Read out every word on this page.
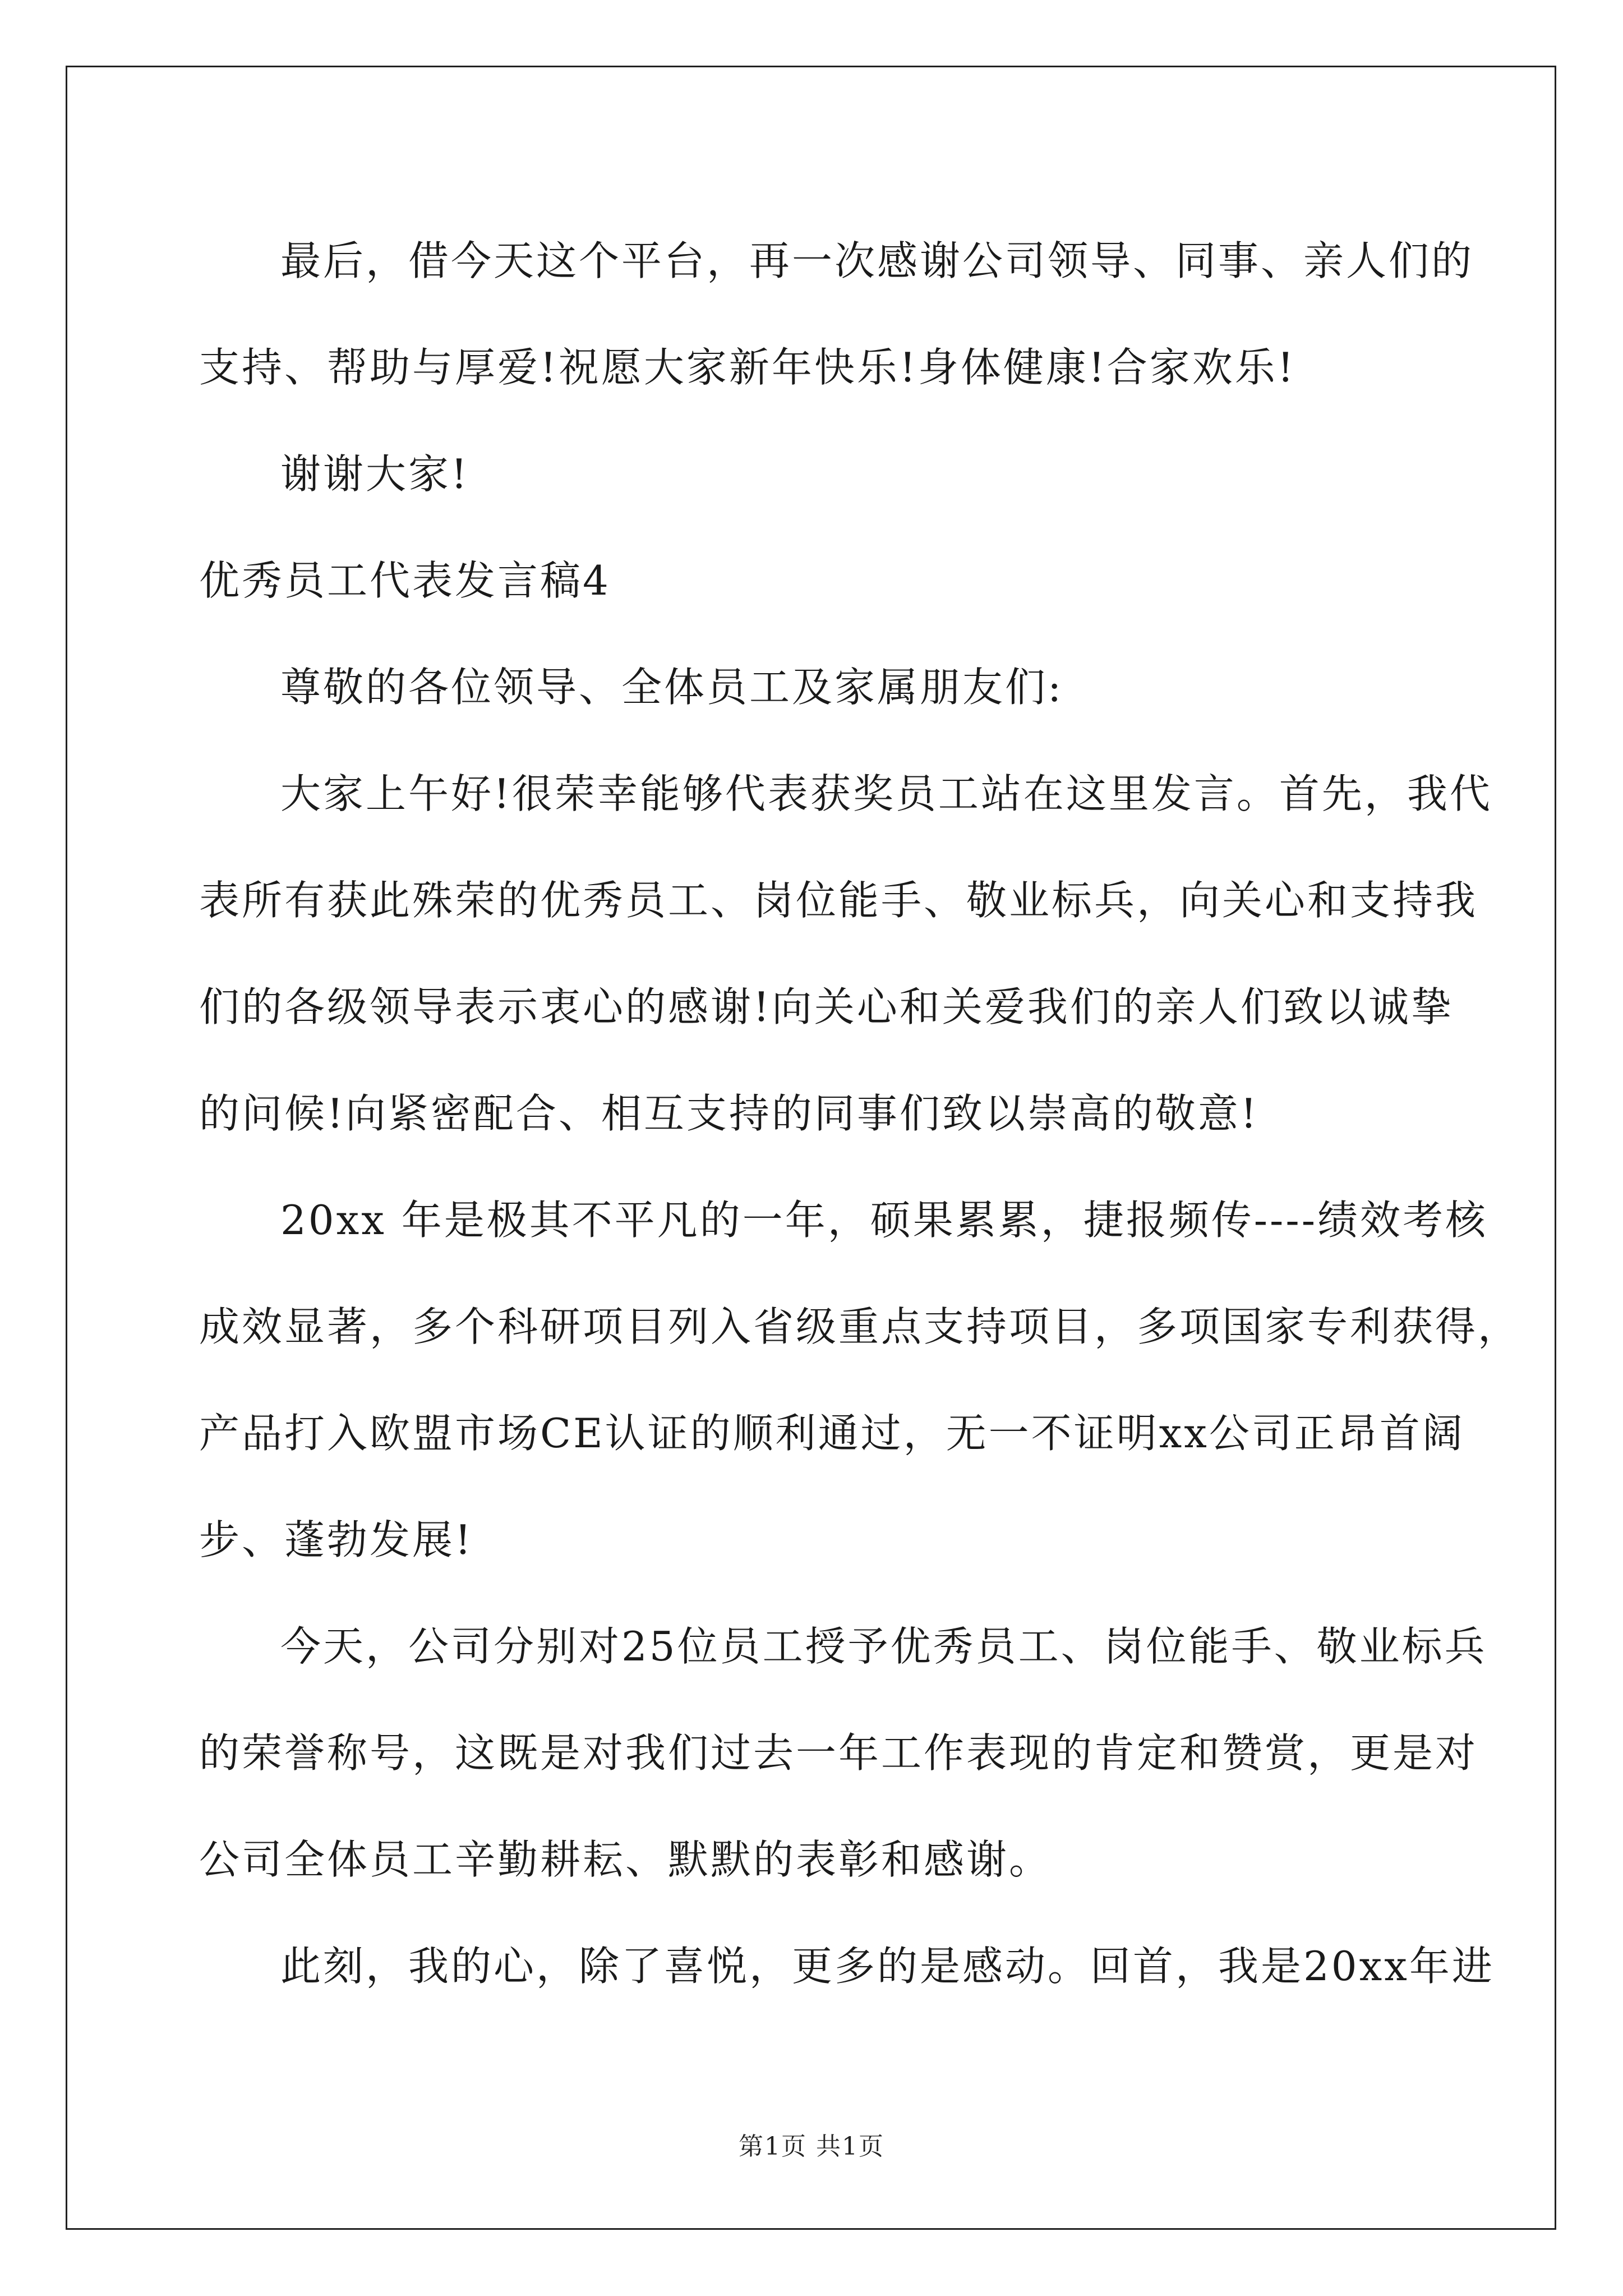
最后，借今天这个平台，再一次感谢公司领导、同事、亲人们的
支持、帮助与厚爱!祝愿大家新年快乐!身体健康!合家欢乐!
谢谢大家!
优秀员工代表发言稿4
尊敬的各位领导、全体员工及家属朋友们:
大家上午好!很荣幸能够代表获奖员工站在这里发言。首先，我代
表所有获此殊荣的优秀员工、岗位能手、敬业标兵，向关心和支持我
们的各级领导表示衷心的感谢!向关心和关爱我们的亲人们致以诚挚
的问候!向紧密配合、相互支持的同事们致以崇高的敬意!
20xx 年是极其不平凡的一年，硕果累累，捷报频传----绩效考核
成效显著，多个科研项目列入省级重点支持项目，多项国家专利获得，
产品打入欧盟市场CE认证的顺利通过，无一不证明xx公司正昂首阔
步、蓬勃发展!
今天，公司分别对25位员工授予优秀员工、岗位能手、敬业标兵
的荣誉称号，这既是对我们过去一年工作表现的肯定和赞赏，更是对
公司全体员工辛勤耕耘、默默的表彰和感谢。
此刻，我的心，除了喜悦，更多的是感动。回首，我是20xx年进
第1页 共1页
